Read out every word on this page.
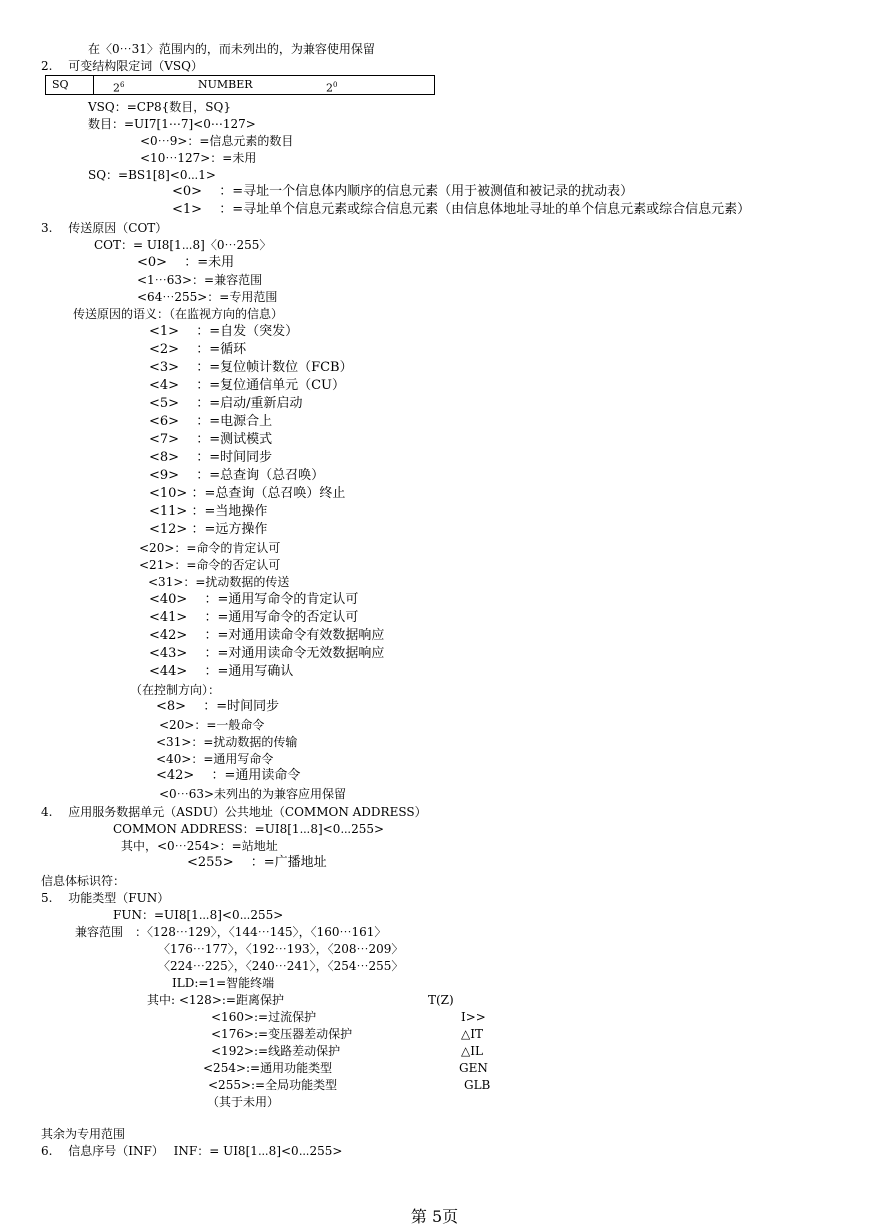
在〈0⋯31〉范围内的，而未列出的，为兼容使用保留
2.　 可变结构限定词（VSQ）
VSQ：=CP8{数目，SQ}
数目：=UI7[1⋯7]<0⋯127>
<0⋯9>：=信息元素的数目
<10⋯127>：=未用
SQ：=BS1[8]<0⋯1>
<0>　 ：=寻址一个信息体内顺序的信息元素（用于被测值和被记录的扰动表）
<1>　 ：=寻址单个信息元素或综合信息元素（由信息体地址寻址的单个信息元素或综合信息元素）
3.　 传送原因（COT）
COT：= UI8[1⋯8]〈0⋯255〉
<0>　 ：=未用
<1⋯63>：=兼容范围
<64⋯255>：=专用范围
传送原因的语义：（在监视方向的信息）
<1>　 ：=自发（突发）
<2>　 ：=循环
<3>　 ：=复位帧计数位（FCB）
<4>　 ：=复位通信单元（CU）
<5>　 ：=启动/重新启动
<6>　 ：=电源合上
<7>　 ：=测试模式
<8>　 ：=时间同步
<9>　 ：=总查询（总召唤）
<10> ：=总查询（总召唤）终止
<11> ：=当地操作
<12> ：=远方操作
<20>：=命令的肯定认可
<21>：=命令的否定认可
<31>：=扰动数据的传送
<40>　 ：=通用写命令的肯定认可
<41>　 ：=通用写命令的否定认可
<42>　 ：=对通用读命令有效数据响应
<43>　 ：=对通用读命令无效数据响应
<44>　 ：=通用写确认
（在控制方向）：
<8>　 ：=时间同步
<20>：=一般命令
<31>：=扰动数据的传输
<40>：=通用写命令
<42>　 ：=通用读命令
<0⋯63>未列出的为兼容应用保留
4.　 应用服务数据单元（ASDU）公共地址（COMMON ADDRESS）
COMMON ADDRESS：=UI8[1⋯8]<0⋯255>
其中，<0⋯254>：=站地址
<255>　 ：=广播地址
信息体标识符：
5.　 功能类型（FUN）
FUN：=UI8[1⋯8]<0⋯255>
兼容范围　：〈128⋯129〉，〈144⋯145〉，〈160⋯161〉
〈176⋯177〉，〈192⋯193〉，〈208⋯209〉
〈224⋯225〉，〈240⋯241〉，〈254⋯255〉
ILD:=1=智能终端
其中: <128>:=距离保护	T(Z)
<160>:=过流保护	I>>
<176>:=变压器差动保护	△IT
<192>:=线路差动保护	△IL
<254>:=通用功能类型	GEN
<255>:=全局功能类型	GLB
（其于未用）
其余为专用范围
6.　 信息序号（INF）　 INF：= UI8[1⋯8]<0⋯255>
SQ	$2^6$	NUMBER	$2^0$
第 5页
